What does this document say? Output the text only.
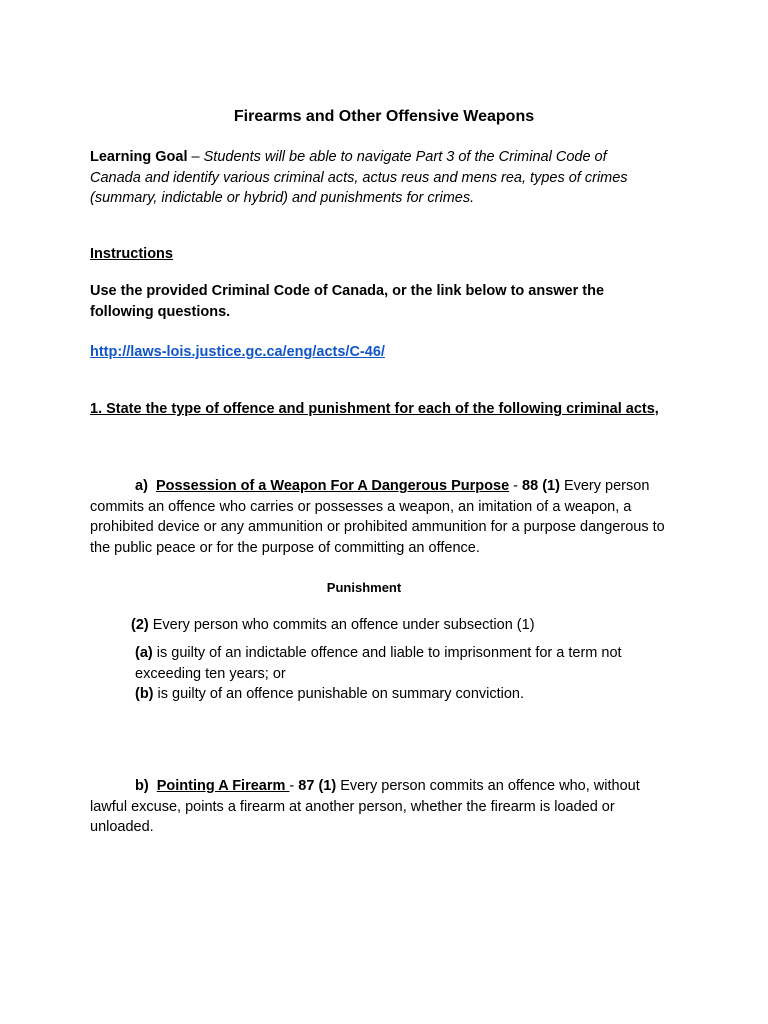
Firearms and Other Offensive Weapons
Learning Goal – Students will be able to navigate Part 3 of the Criminal Code of Canada and identify various criminal acts, actus reus and mens rea, types of crimes (summary, indictable or hybrid) and punishments for crimes.
Instructions
Use the provided Criminal Code of Canada, or the link below to answer the following questions.
http://laws-lois.justice.gc.ca/eng/acts/C-46/
1. State the type of offence and punishment for each of the following criminal acts,
a) Possession of a Weapon For A Dangerous Purpose - 88 (1) Every person commits an offence who carries or possesses a weapon, an imitation of a weapon, a prohibited device or any ammunition or prohibited ammunition for a purpose dangerous to the public peace or for the purpose of committing an offence.
Punishment
(2) Every person who commits an offence under subsection (1)
(a) is guilty of an indictable offence and liable to imprisonment for a term not exceeding ten years; or
(b) is guilty of an offence punishable on summary conviction.
b) Pointing A Firearm - 87 (1) Every person commits an offence who, without lawful excuse, points a firearm at another person, whether the firearm is loaded or unloaded.
